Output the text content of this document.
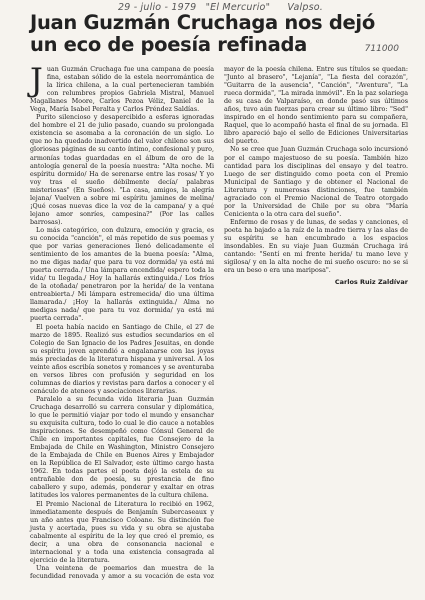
29 - julio - 1979 "El Mercurio" Valpso.
Juan Guzmán Cruchaga nos dejó un eco de poesía refinada	711000

Juan Guzmán Cruchaga fue una campana de poesía fina, estaban sólido de la estela neorromántica de la lírica chilena, a la cual pertenecieran también con relumbres propios Gabriela Mistral, Manuel Magallanes Moore, Carlos Pezoa Véliz, Daniel de la Vega, María Isabel Peralta y Carlos Préndez Saldías.

Purito silencioso y desapercibido a esferas ignoradas del hombre el 21 de julio pasado, cuando su prolongada existencia se asomaba a la coronación de un siglo. Lo que no ha quedado inadvertido del valor chileno son sus gloriosas páginas de su canto íntimo, confesional y puro, armonías todas guardadas en el álbum de oro de la antología general de la poesía nuestra: "Alta noche. Mi espíritu dormido/ Ha de serenarse entre las rosas/ Y yo voy tras el sueño débilmente decía/ palabras misteriosas" (En Sueños). "La casa, amigos, la alegría lejana/ Vuelven a sobre mi espíritu jamines de melina/ ¡Qué cosas nuevas dice la voz de la campana/ y a qué lejano amor sonríes, campesina?" (Por las calles barrosas).

Lo más categórico, con dulzura, emoción y gracia, es su conocida "canción", el más repetido de sus poemas y que por varias generaciones llenó delicadamente el sentimiento de los amantes de la buena poesía: "Alma, no me digas nada/ que para tu voz dormida/ ya está mi puerta cerrada./ Una lámpara encendida/ espero toda la vida/ tu llegada./ Hoy la hallarás extinguida./ Los fríos de la otoñada/ penetraron por la herida/ de la ventana entreabierta./ Mi lámpara estremecida/ dio una última llamarada./ ¡Hoy la hallarás extinguida./ Alma no medigas nada/ que para tu voz dormida/ ya está mi puerta cerrada".

El poeta había nacido en Santiago de Chile, el 27 de marzo de 1895. Realizó sus estudios secundarios en el Colegio de San Ignacio de los Padres Jesuitas, en donde su espíritu joven aprendió a engalanarse con las joyas más preciadas de la literatura hispana y universal. A los veinte años escribía sonetos y romances y se aventuraba en versos libres con profusión y seguridad en los columnas de diarios y revistas para darlos a conocer y el cenáculo de ateneos y asociaciones literarias.

Paralelo a su fecunda vida literaria Juan Guzmán Cruchaga desarrolló su carrera consular y diplomática, lo que le permitió viajar por todo el mundo y ensanchar su exquisita cultura, todo lo cual le dio cauce a notables inspiraciones. Se desempeñó como Cónsul General de Chile en importantes capitales, fue Consejero de la Embajada de Chile en Washington, Ministro Consejero de la Embajada de Chile en Buenos Aires y Embajador en la República de El Salvador, este último cargo hasta 1962. En todas partes el poeta dejó la estela de su entrañable don de poesía, su prestancia de fino caballero y supo, además, ponderar y exaltar en otras latitudes los valores permanentes de la cultura chilena.

El Premio Nacional de Literatura lo recibió en 1962, inmediatamente después de Benjamín Subercaseaux y un año antes que Francisco Coloane. Su distinción fue justa y acertada, pues su vida y su obra se ajustaba cabalmente al espíritu de la ley que creó el premio, es decir, a una obra de consonancia nacional e internacional y a toda una existencia consagrada al ejercicio de la literatura.

Una veintena de poemarios dan muestra de la fecundidad renovada y amor a su vocación de esta voz mayor de la poesía chilena. Entre sus títulos se quedan: "Junto al brasero", "Lejanía", "La fiesta del corazón", "Guitarra de la ausencia", "Canción", "Aventura", "La rueca dormida", "La mirada inmóvil". En la paz solariega de su casa de Valparaíso, en donde pasó sus últimos años, tuvo aún fuerzas para crear su último libro: "Sed" inspirado en el hondo sentimiento para su compañera, Raquel, que lo acompañó hasta el final de su jornada. El libro apareció bajo el sello de Ediciones Universitarias del puerto.

No se cree que Juan Guzmán Cruchaga solo incursionó por el campo majestuoso de su poesía. También hizo cantidad para los disciplinas del ensayo y del teatro. Luego de ser distinguido como poeta con el Premio Municipal de Santiago y de obtener el Nacional de Literatura y numerosas distinciones, fue también agraciado con el Premio Nacional de Teatro otorgado por la Universidad de Chile por su obra "María Cenicienta o la otra cara del sueño".

Enfermo de rosas y de lunas, de sedas y canciones, el poeta ha bajado a la raíz de la madre tierra y las alas de su espíritu se han encumbrado a los espacios insondables. En su viaje Juan Guzmán Cruchaga irá cantando: "Sentí en mi frente herida/ tu mano leve y sigilosa/ y en la alta noche de mi sueño oscuro: no se si era un beso o era una mariposa".

Carlos Ruiz Zaldívar
